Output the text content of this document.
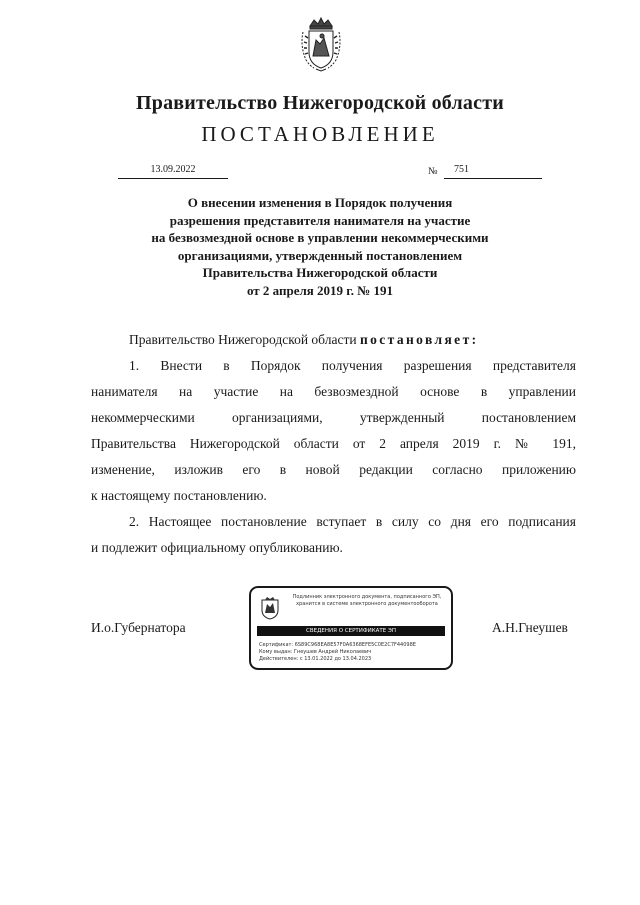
Правительство Нижегородской области
ПОСТАНОВЛЕНИЕ
13.09.2022	№	751
О внесении изменения в Порядок получения
разрешения представителя нанимателя на участие
на безвозмездной основе в управлении некоммерческими
организациями, утвержденный постановлением
Правительства Нижегородской области
от 2 апреля 2019 г. № 191
Правительство Нижегородской области постановляет:
1. Внести в Порядок получения разрешения представителя
нанимателя на участие на безвозмездной основе в управлении
некоммерческими организациями, утвержденный постановлением
Правительства Нижегородской области от 2 апреля 2019 г. № 191,
изменение, изложив его в новой редакции согласно приложению
к настоящему постановлению.
2. Настоящее постановление вступает в силу со дня его подписания
и подлежит официальному опубликованию.
И.о.Губернатора	А.Н.Гнеушев
Подлинник электронного документа, подписанного ЭП, хранится в системе электронного документооборота
СВЕДЕНИЯ О СЕРТИФИКАТЕ ЭП
Сертификат: 6S89C968EA8E57F0A6368EFE5C0E2C7F44098E
Кому выдан: Гнеушев Андрей Николаевич
Действителен: с 13.01.2022 до 13.04.2023
